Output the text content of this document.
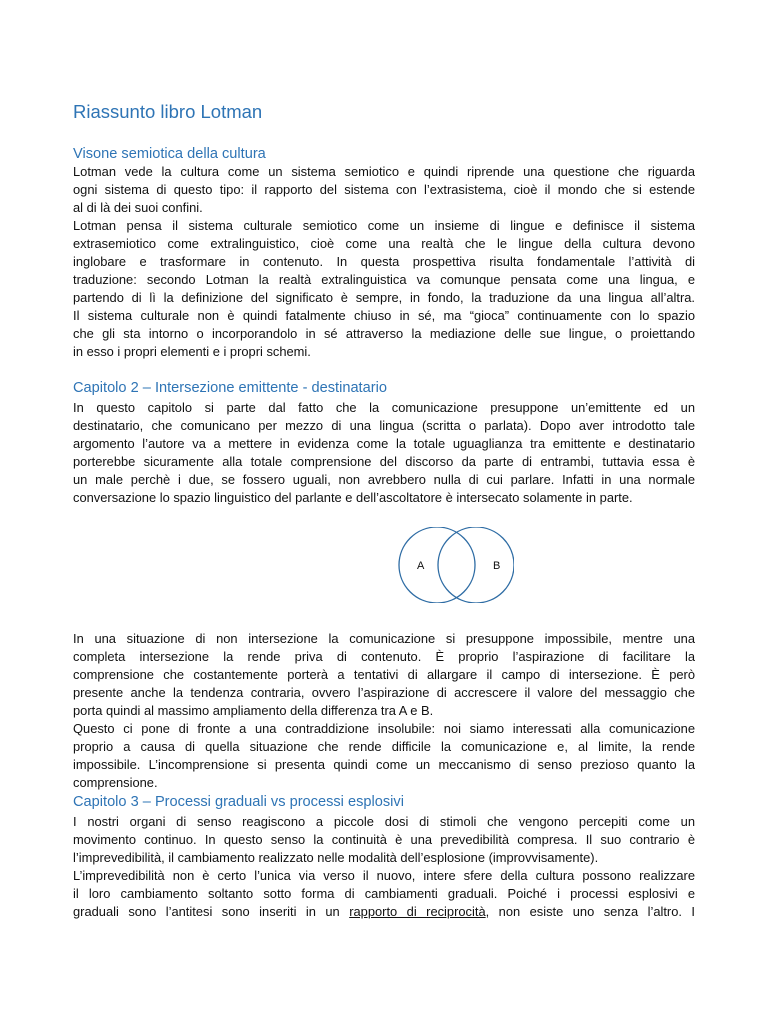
Riassunto libro Lotman
Visone semiotica della cultura
Lotman vede la cultura come un sistema semiotico e quindi riprende una questione che riguarda
ogni sistema di questo tipo: il rapporto del sistema con l’extrasistema, cioè il mondo che si estende
al di là dei suoi confini.
Lotman pensa il sistema culturale semiotico come un insieme di lingue e definisce il sistema
extrasemiotico come extralinguistico, cioè come una realtà che le lingue della cultura devono
inglobare e trasformare in contenuto. In questa prospettiva risulta fondamentale l’attività di
traduzione: secondo Lotman la realtà extralinguistica va comunque pensata come una lingua, e
partendo di lì la definizione del significato è sempre, in fondo, la traduzione da una lingua all’altra.
Il sistema culturale non è quindi fatalmente chiuso in sé, ma “gioca” continuamente con lo spazio
che gli sta intorno o incorporandolo in sé attraverso la mediazione delle sue lingue, o proiettando
in esso i propri elementi e i propri schemi.
Capitolo 2 – Intersezione emittente - destinatario
In questo capitolo si parte dal fatto che la comunicazione presuppone un’emittente ed un
destinatario, che comunicano per mezzo di una lingua (scritta o parlata). Dopo aver introdotto tale
argomento l’autore va a mettere in evidenza come la totale uguaglianza tra emittente e destinatario
porterebbe sicuramente alla totale comprensione del discorso da parte di entrambi, tuttavia essa è
un male perchè i due, se fossero uguali, non avrebbero nulla di cui parlare. Infatti in una normale
conversazione lo spazio linguistico del parlante e dell’ascoltatore è intersecato solamente in parte.
A	B
In una situazione di non intersezione la comunicazione si presuppone impossibile, mentre una
completa intersezione la rende priva di contenuto. È proprio l’aspirazione di facilitare la
comprensione che costantemente porterà a tentativi di allargare il campo di intersezione. È però
presente anche la tendenza contraria, ovvero l’aspirazione di accrescere il valore del messaggio che
porta quindi al massimo ampliamento della differenza tra A e B.
Questo ci pone di fronte a una contraddizione insolubile: noi siamo interessati alla comunicazione
proprio a causa di quella situazione che rende difficile la comunicazione e, al limite, la rende
impossibile. L’incomprensione si presenta quindi come un meccanismo di senso prezioso quanto la
comprensione.
Capitolo 3 – Processi graduali vs processi esplosivi
I nostri organi di senso reagiscono a piccole dosi di stimoli che vengono percepiti come un
movimento continuo. In questo senso la continuità è una prevedibilità compresa. Il suo contrario è
l’imprevedibilità, il cambiamento realizzato nelle modalità dell’esplosione (improvvisamente).
L’imprevedibilità non è certo l’unica via verso il nuovo, intere sfere della cultura possono realizzare
il loro cambiamento soltanto sotto forma di cambiamenti graduali. Poiché i processi esplosivi e
graduali sono l’antitesi sono inseriti in un rapporto di reciprocità, non esiste uno senza l’altro. I
